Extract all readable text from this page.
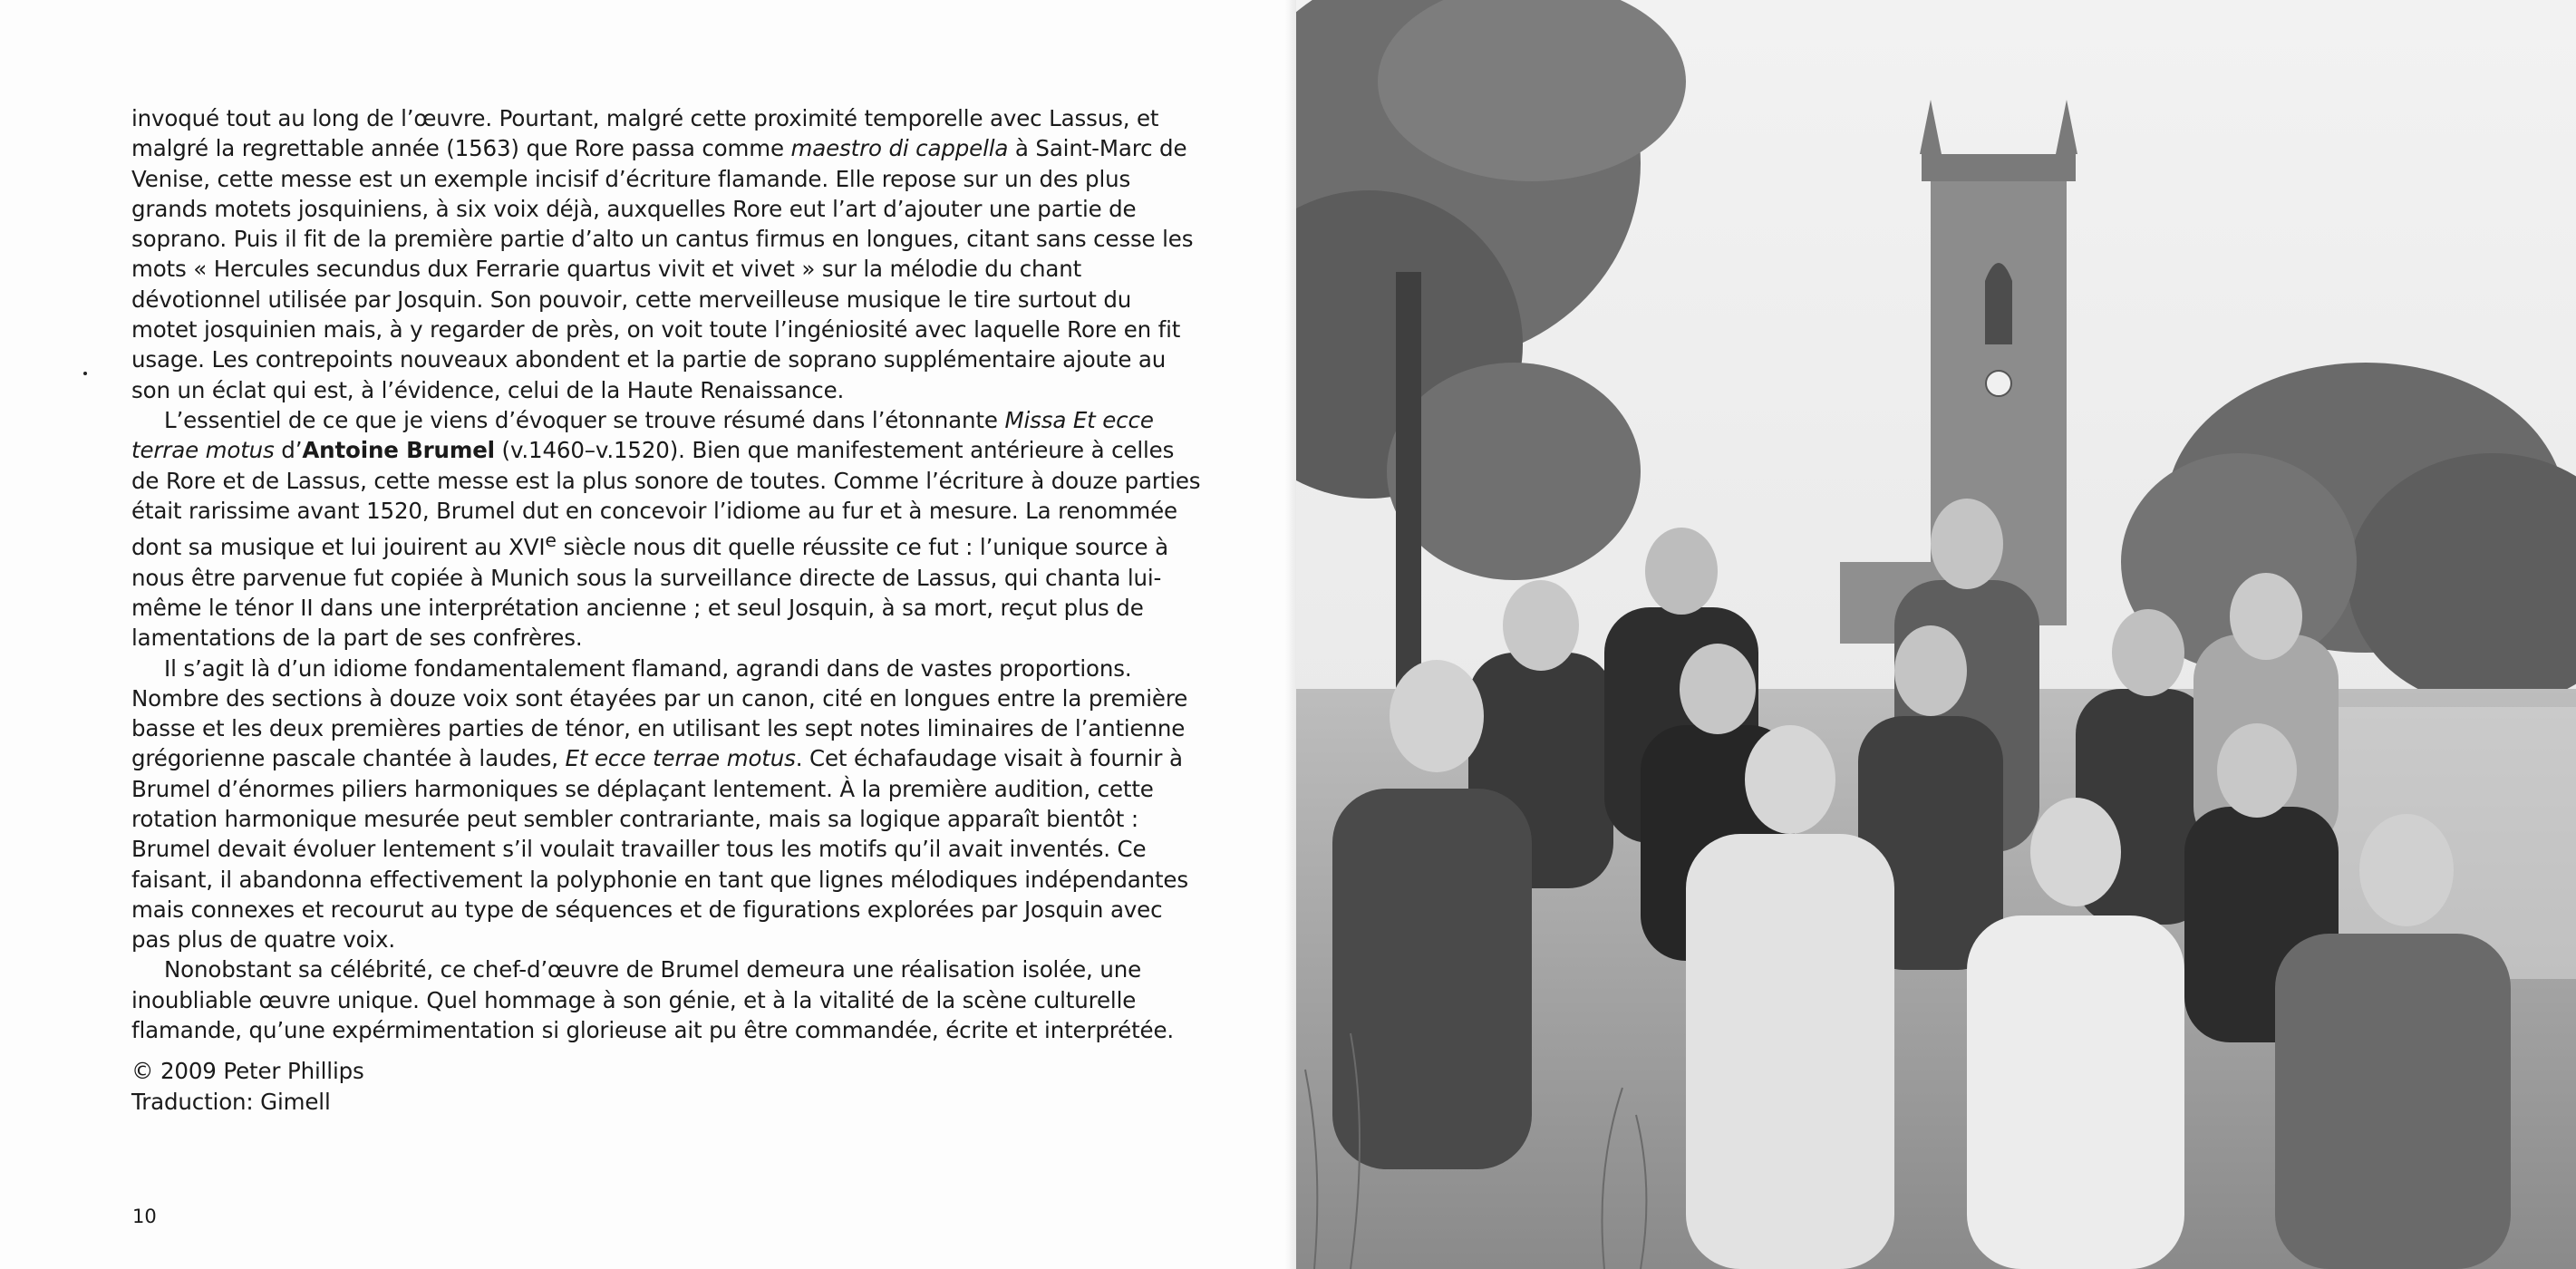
invoqué tout au long de l’œuvre. Pourtant, malgré cette proximité temporelle avec Lassus, et malgré la regrettable année (1563) que Rore passa comme maestro di cappella à Saint-Marc de Venise, cette messe est un exemple incisif d’écriture flamande. Elle repose sur un des plus grands motets josquiniens, à six voix déjà, auxquelles Rore eut l’art d’ajouter une partie de soprano. Puis il fit de la première partie d’alto un cantus firmus en longues, citant sans cesse les mots « Hercules secundus dux Ferrarie quartus vivit et vivet » sur la mélodie du chant dévotionnel utilisée par Josquin. Son pouvoir, cette merveilleuse musique le tire surtout du motet josquinien mais, à y regarder de près, on voit toute l’ingéniosité avec laquelle Rore en fit usage. Les contrepoints nouveaux abondent et la partie de soprano supplémentaire ajoute au son un éclat qui est, à l’évidence, celui de la Haute Renaissance.

L’essentiel de ce que je viens d’évoquer se trouve résumé dans l’étonnante Missa Et ecce terrae motus d’Antoine Brumel (v.1460–v.1520). Bien que manifestement antérieure à celles de Rore et de Lassus, cette messe est la plus sonore de toutes. Comme l’écriture à douze parties était rarissime avant 1520, Brumel dut en concevoir l’idiome au fur et à mesure. La renommée dont sa musique et lui jouirent au XVIe siècle nous dit quelle réussite ce fut : l’unique source à nous être parvenue fut copiée à Munich sous la surveillance directe de Lassus, qui chanta lui-même le ténor II dans une interprétation ancienne ; et seul Josquin, à sa mort, reçut plus de lamentations de la part de ses confrères.

Il s’agit là d’un idiome fondamentalement flamand, agrandi dans de vastes proportions. Nombre des sections à douze voix sont étayées par un canon, cité en longues entre la première basse et les deux premières parties de ténor, en utilisant les sept notes liminaires de l’antienne grégorienne pascale chantée à laudes, Et ecce terrae motus. Cet échafaudage visait à fournir à Brumel d’énormes piliers harmoniques se déplaçant lentement. À la première audition, cette rotation harmonique mesurée peut sembler contrariante, mais sa logique apparaît bientôt : Brumel devait évoluer lentement s’il voulait travailler tous les motifs qu’il avait inventés. Ce faisant, il abandonna effectivement la polyphonie en tant que lignes mélodiques indépendantes mais connexes et recourut au type de séquences et de figurations explorées par Josquin avec pas plus de quatre voix.

Nonobstant sa célébrité, ce chef-d’œuvre de Brumel demeura une réalisation isolée, une inoubliable œuvre unique. Quel hommage à son génie, et à la vitalité de la scène culturelle flamande, qu’une expérmimentation si glorieuse ait pu être commandée, écrite et interprétée.

© 2009 Peter Phillips
Traduction: Gimell
10
